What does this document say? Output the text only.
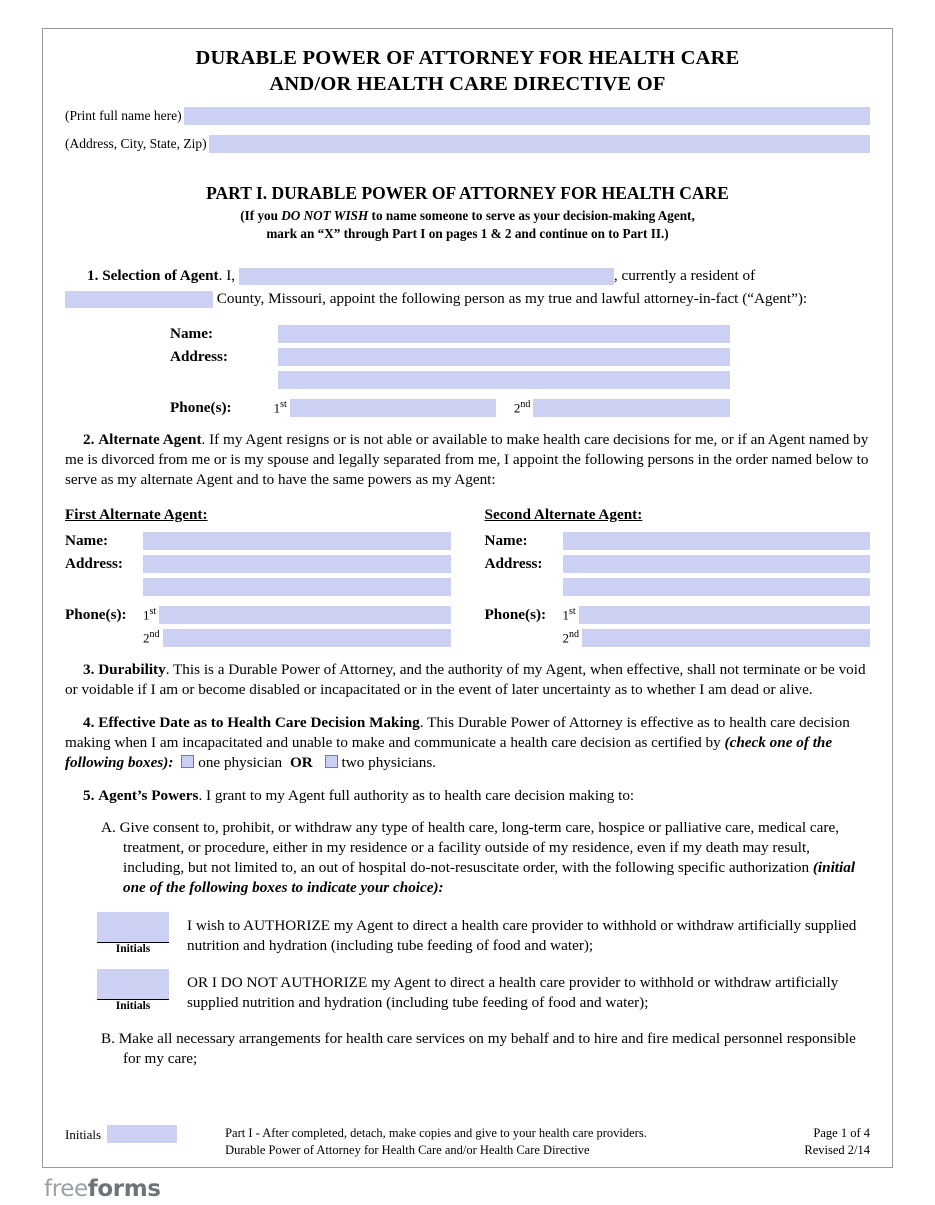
DURABLE POWER OF ATTORNEY FOR HEALTH CARE
AND/OR HEALTH CARE DIRECTIVE OF
(Print full name here)
(Address, City, State, Zip)
PART I. DURABLE POWER OF ATTORNEY FOR HEALTH CARE
(If you DO NOT WISH to name someone to serve as your decision-making Agent,
mark an “X” through Part I on pages 1 & 2 and continue on to Part II.)
1. Selection of Agent. I,	, currently a resident of
County, Missouri, appoint the following person as my true and lawful attorney-in-fact (“Agent”):
Name:
Address:
Phone(s):	1st	2nd

2. Alternate Agent. If my Agent resigns or is not able or available to make health care decisions for me, or if an Agent named by me is divorced from me or is my spouse and legally separated from me, I appoint the following persons in the order named below to serve as my alternate Agent and to have the same powers as my Agent:

First Alternate Agent:
Name:
Address:
Phone(s):	1st
2nd
Second Alternate Agent:
Name:
Address:
Phone(s):	1st
2nd

3. Durability. This is a Durable Power of Attorney, and the authority of my Agent, when effective, shall not terminate or be void or voidable if I am or become disabled or incapacitated or in the event of later uncertainty as to whether I am dead or alive.

4. Effective Date as to Health Care Decision Making. This Durable Power of Attorney is effective as to health care decision making when I am incapacitated and unable to make and communicate a health care decision as certified by (check one of the following boxes): one physician OR two physicians.

5. Agent’s Powers. I grant to my Agent full authority as to health care decision making to:

A. Give consent to, prohibit, or withdraw any type of health care, long-term care, hospice or palliative care, medical care, treatment, or procedure, either in my residence or a facility outside of my residence, even if my death may result, including, but not limited to, an out of hospital do-not-resuscitate order, with the following specific authorization (initial one of the following boxes to indicate your choice):
Initials
I wish to AUTHORIZE my Agent to direct a health care provider to withhold or withdraw artificially supplied nutrition and hydration (including tube feeding of food and water);
Initials
OR I DO NOT AUTHORIZE my Agent to direct a health care provider to withhold or withdraw artificially supplied nutrition and hydration (including tube feeding of food and water);
B. Make all necessary arrangements for health care services on my behalf and to hire and fire medical personnel responsible for my care;
Initials	Part I - After completed, detach, make copies and give to your health care providers.
Durable Power of Attorney for Health Care and/or Health Care Directive
Page 1 of 4
Revised 2/14
freeforms
